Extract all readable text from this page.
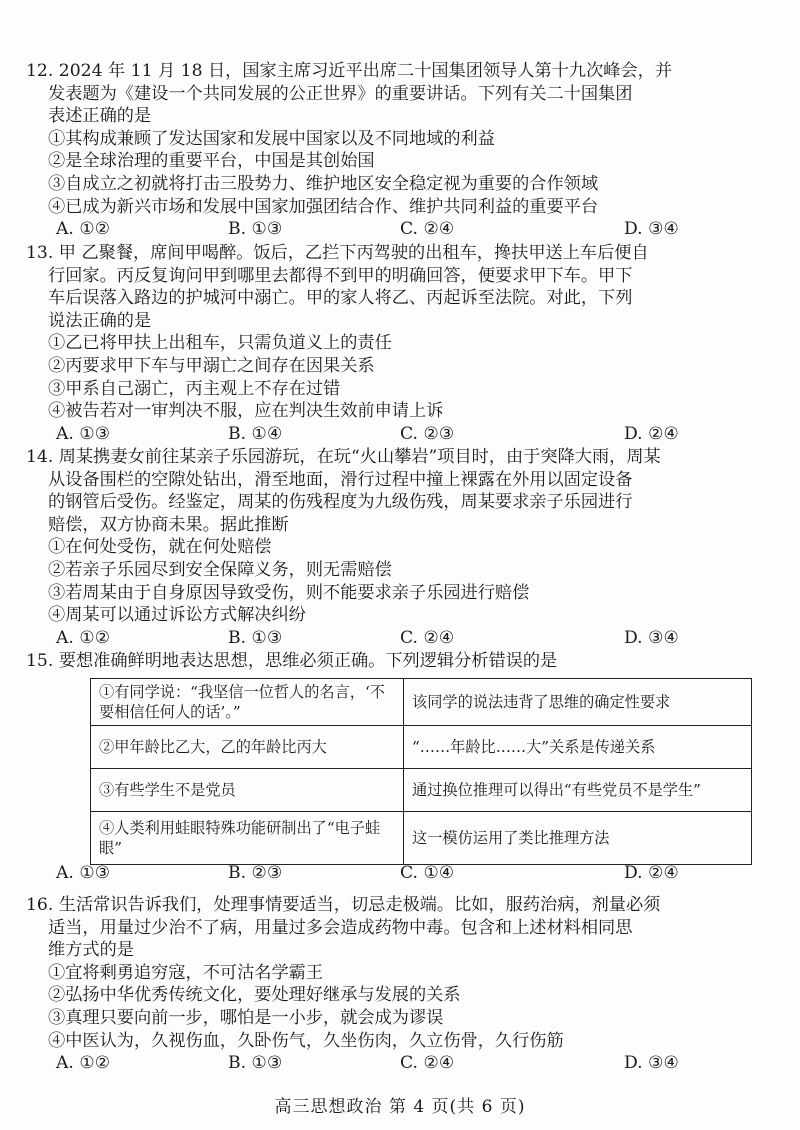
12. 2024 年 11 月 18 日，国家主席习近平出席二十国集团领导人第十九次峰会，并

发表题为《建设一个共同发展的公正世界》的重要讲话。下列有关二十国集团

表述正确的是

①其构成兼顾了发达国家和发展中国家以及不同地域的利益

②是全球治理的重要平台，中国是其创始国

③自成立之初就将打击三股势力、维护地区安全稳定视为重要的合作领域

④已成为新兴市场和发展中国家加强团结合作、维护共同利益的重要平台

A. ①②	B. ①③	C. ②④	D. ③④

13. 甲 乙聚餐，席间甲喝醉。饭后，乙拦下丙驾驶的出租车，搀扶甲送上车后便自

行回家。丙反复询问甲到哪里去都得不到甲的明确回答，便要求甲下车。甲下

车后误落入路边的护城河中溺亡。甲的家人将乙、丙起诉至法院。对此，下列

说法正确的是

①乙已将甲扶上出租车，只需负道义上的责任

②丙要求甲下车与甲溺亡之间存在因果关系

③甲系自己溺亡，丙主观上不存在过错

④被告若对一审判决不服，应在判决生效前申请上诉

A. ①③	B. ①④	C. ②③	D. ②④

14. 周某携妻女前往某亲子乐园游玩，在玩“火山攀岩”项目时，由于突降大雨，周某

从设备围栏的空隙处钻出，滑至地面，滑行过程中撞上裸露在外用以固定设备

的钢管后受伤。经鉴定，周某的伤残程度为九级伤残，周某要求亲子乐园进行

赔偿，双方协商未果。据此推断

①在何处受伤，就在何处赔偿

②若亲子乐园尽到安全保障义务，则无需赔偿

③若周某由于自身原因导致受伤，则不能要求亲子乐园进行赔偿

④周某可以通过诉讼方式解决纠纷

A. ①②	B. ①③	C. ②④	D. ③④

15. 要想准确鲜明地表达思想，思维必须正确。下列逻辑分析错误的是

①有同学说：“我坚信一位哲人的名言，‘不要相信任何人的话’。”	该同学的说法违背了思维的确定性要求
②甲年龄比乙大，乙的年龄比丙大	“……年龄比……大”关系是传递关系
③有些学生不是党员	通过换位推理可以得出“有些党员不是学生”
④人类利用蛙眼特殊功能研制出了“电子蛙眼”	这一模仿运用了类比推理方法
A. ①③	B. ②③	C. ①④	D. ②④

16. 生活常识告诉我们，处理事情要适当，切忌走极端。比如，服药治病，剂量必须

适当，用量过少治不了病，用量过多会造成药物中毒。包含和上述材料相同思

维方式的是

①宜将剩勇追穷寇，不可沽名学霸王

②弘扬中华优秀传统文化，要处理好继承与发展的关系

③真理只要向前一步，哪怕是一小步，就会成为谬误

④中医认为，久视伤血，久卧伤气，久坐伤肉，久立伤骨，久行伤筋

A. ①②	B. ①③	C. ②④	D. ③④
高三思想政治 第 4 页(共 6 页)
